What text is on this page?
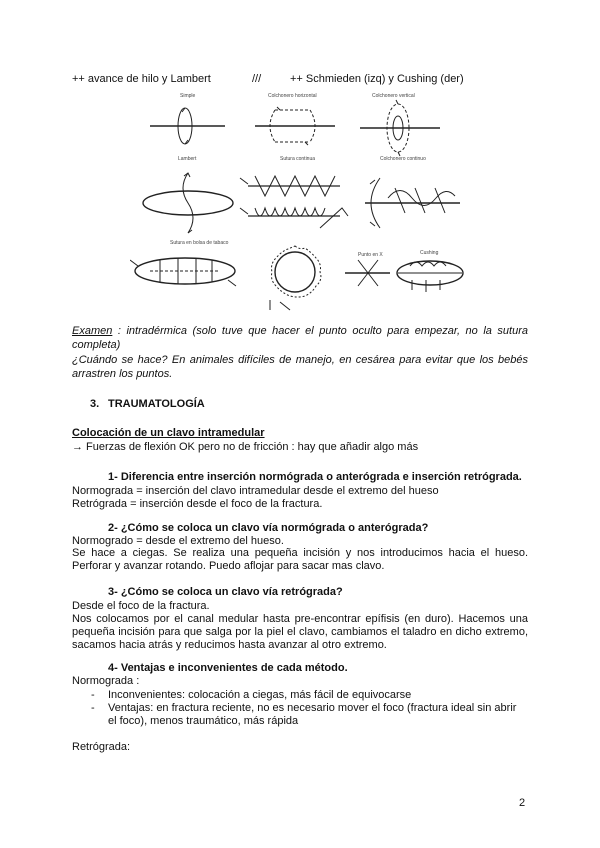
++ avance de hilo y Lambert	///	++ Schmieden (izq) y Cushing (der)
Simple	Colchonero horizontal	Colchonero vertical
Lambert	Sutura continua	Colchonero continuo
Sutura en bolsa de tabaco
Punto en X	Cushing
Examen : intradérmica (solo tuve que hacer el punto oculto para empezar, no la sutura
completa)
¿Cuándo se hace? En animales difíciles de manejo, en cesárea para evitar que los bebés
arrastren los puntos.
3. TRAUMATOLOGÍA
Colocación de un clavo intramedular
→ Fuerzas de flexión OK pero no de fricción : hay que añadir algo más
1- Diferencia entre inserción normógrada o anterógrada e inserción retrógrada.
Normograda = inserción del clavo intramedular desde el extremo del hueso
Retrógrada = inserción desde el foco de la fractura.
2- ¿Cómo se coloca un clavo vía normógrada o anterógrada?
Normogrado = desde el extremo del hueso.
Se hace a ciegas. Se realiza una pequeña incisión y nos introducimos hacia el hueso.
Perforar y avanzar rotando. Puedo aflojar para sacar mas clavo.
3- ¿Cómo se coloca un clavo vía retrógrada?
Desde el foco de la fractura.
Nos colocamos por el canal medular hasta pre-encontrar epífisis (en duro). Hacemos una
pequeña incisión para que salga por la piel el clavo, cambiamos el taladro en dicho extremo,
sacamos hacia atrás y reducimos hasta avanzar al otro extremo.
4- Ventajas e inconvenientes de cada método.
Normograda :
- Inconvenientes: colocación a ciegas, más fácil de equivocarse
- Ventajas: en fractura reciente, no es necesario mover el foco (fractura ideal sin abrir
el foco), menos traumático, más rápida
Retrógrada:
2
